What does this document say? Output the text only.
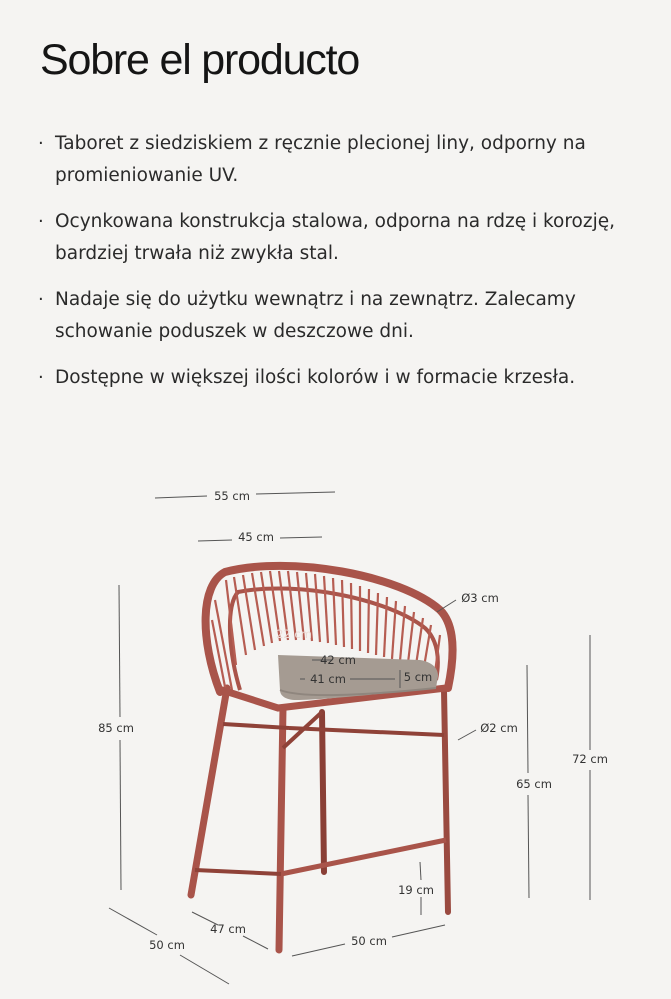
Sobre el producto
· Taboret z siedziskiem z ręcznie plecionej liny, odporny na promieniowanie UV.
· Ocynkowana konstrukcja stalowa, odporna na rdzę i korozję, bardziej trwała niż zwykła stal.
· Nadaje się do użytku wewnątrz i na zewnątrz. Zalecamy schowanie poduszek w deszczowe dni.
· Dostępne w większej ilości kolorów i w formacie krzesła.
55 cm
45 cm
Ø3 cm
22 cm
42 cm
41 cm	5 cm
Ø2 cm
85 cm
72 cm
65 cm
19 cm
50 cm
47 cm
50 cm
